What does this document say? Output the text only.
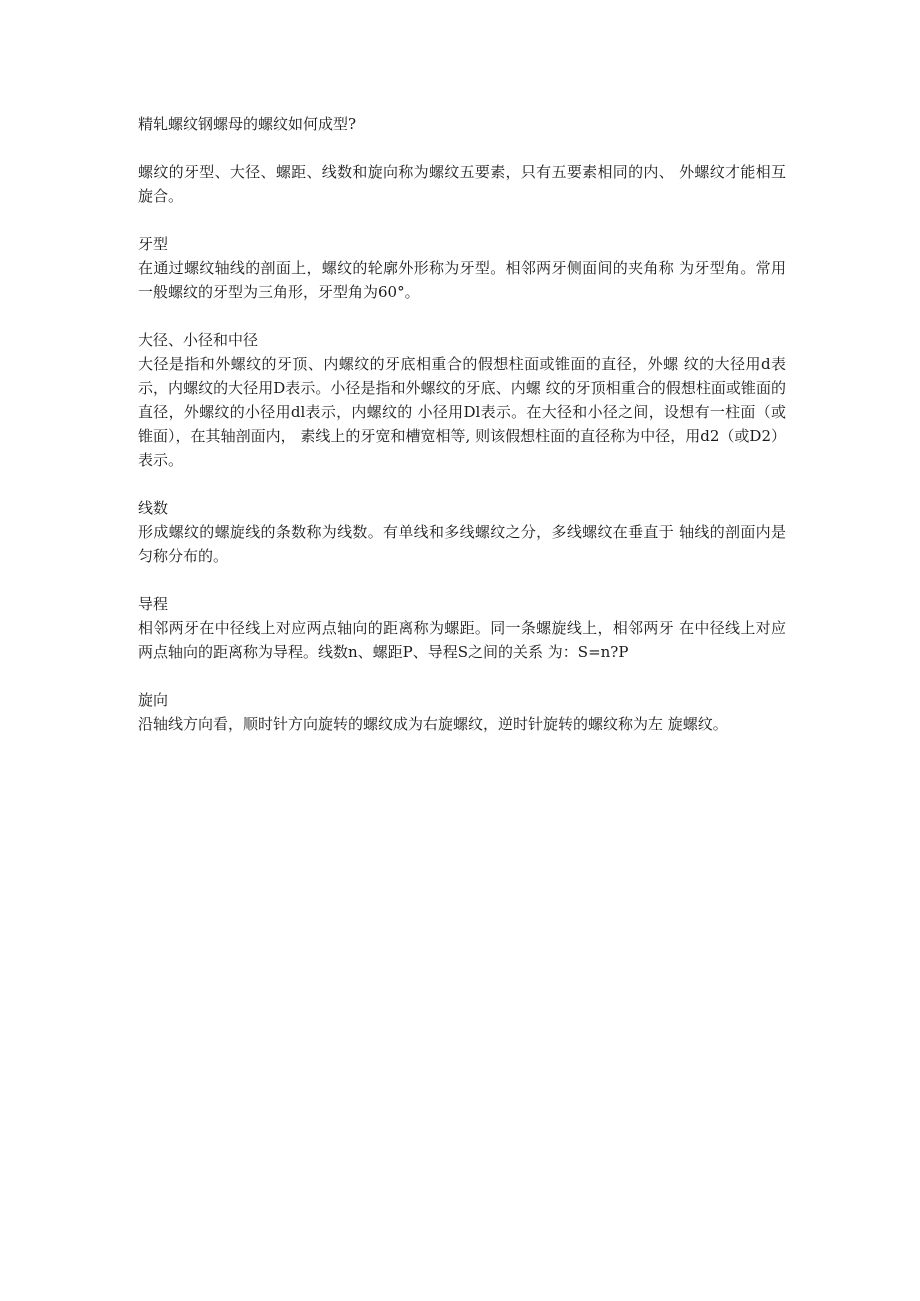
精轧螺纹钢螺母的螺纹如何成型?

螺纹的牙型、大径、螺距、线数和旋向称为螺纹五要素，只有五要素相同的内、 外螺纹才能相互旋合。

牙型

在通过螺纹轴线的剖面上，螺纹的轮廓外形称为牙型。相邻两牙侧面间的夹角称 为牙型角。常用一般螺纹的牙型为三角形，牙型角为60°。

大径、小径和中径

大径是指和外螺纹的牙顶、内螺纹的牙底相重合的假想柱面或锥面的直径，外螺 纹的大径用d表示，内螺纹的大径用D表示。小径是指和外螺纹的牙底、内螺 纹的牙顶相重合的假想柱面或锥面的直径，外螺纹的小径用dl表示，内螺纹的 小径用Dl表示。在大径和小径之间，设想有一柱面（或锥面），在其轴剖面内， 素线上的牙宽和槽宽相等, 则该假想柱面的直径称为中径，用d2（或D2）表示。

线数

形成螺纹的螺旋线的条数称为线数。有单线和多线螺纹之分，多线螺纹在垂直于 轴线的剖面内是匀称分布的。

导程

相邻两牙在中径线上对应两点轴向的距离称为螺距。同一条螺旋线上，相邻两牙 在中径线上对应两点轴向的距离称为导程。线数n、螺距P、导程S之间的关系 为：S=n?P

旋向

沿轴线方向看，顺时针方向旋转的螺纹成为右旋螺纹，逆时针旋转的螺纹称为左 旋螺纹。
